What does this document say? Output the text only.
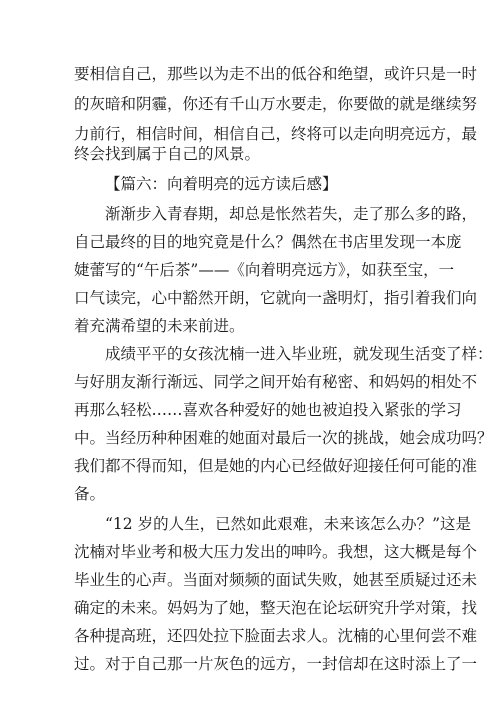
要相信自己，那些以为走不出的低谷和绝望，或许只是一时
的灰暗和阴霾，你还有千山万水要走，你要做的就是继续努
力前行，相信时间，相信自己，终将可以走向明亮远方，最
终会找到属于自己的风景。
【篇六：向着明亮的远方读后感】
渐渐步入青春期，却总是怅然若失，走了那么多的路，
自己最终的目的地究竟是什么？偶然在书店里发现一本庞
婕蕾写的“午后茶”——《向着明亮远方》，如获至宝，一
口气读完，心中豁然开朗，它就向一盏明灯，指引着我们向
着充满希望的未来前进。
成绩平平的女孩沈楠一进入毕业班，就发现生活变了样：
与好朋友渐行渐远、同学之间开始有秘密、和妈妈的相处不
再那么轻松……喜欢各种爱好的她也被迫投入紧张的学习
中。当经历种种困难的她面对最后一次的挑战，她会成功吗？
我们都不得而知，但是她的内心已经做好迎接任何可能的准
备。
“12 岁的人生，已然如此艰难，未来该怎么办？”这是
沈楠对毕业考和极大压力发出的呻吟。我想，这大概是每个
毕业生的心声。当面对频频的面试失败，她甚至质疑过还未
确定的未来。妈妈为了她，整天泡在论坛研究升学对策，找
各种提高班，还四处拉下脸面去求人。沈楠的心里何尝不难
过。对于自己那一片灰色的远方，一封信却在这时添上了一
